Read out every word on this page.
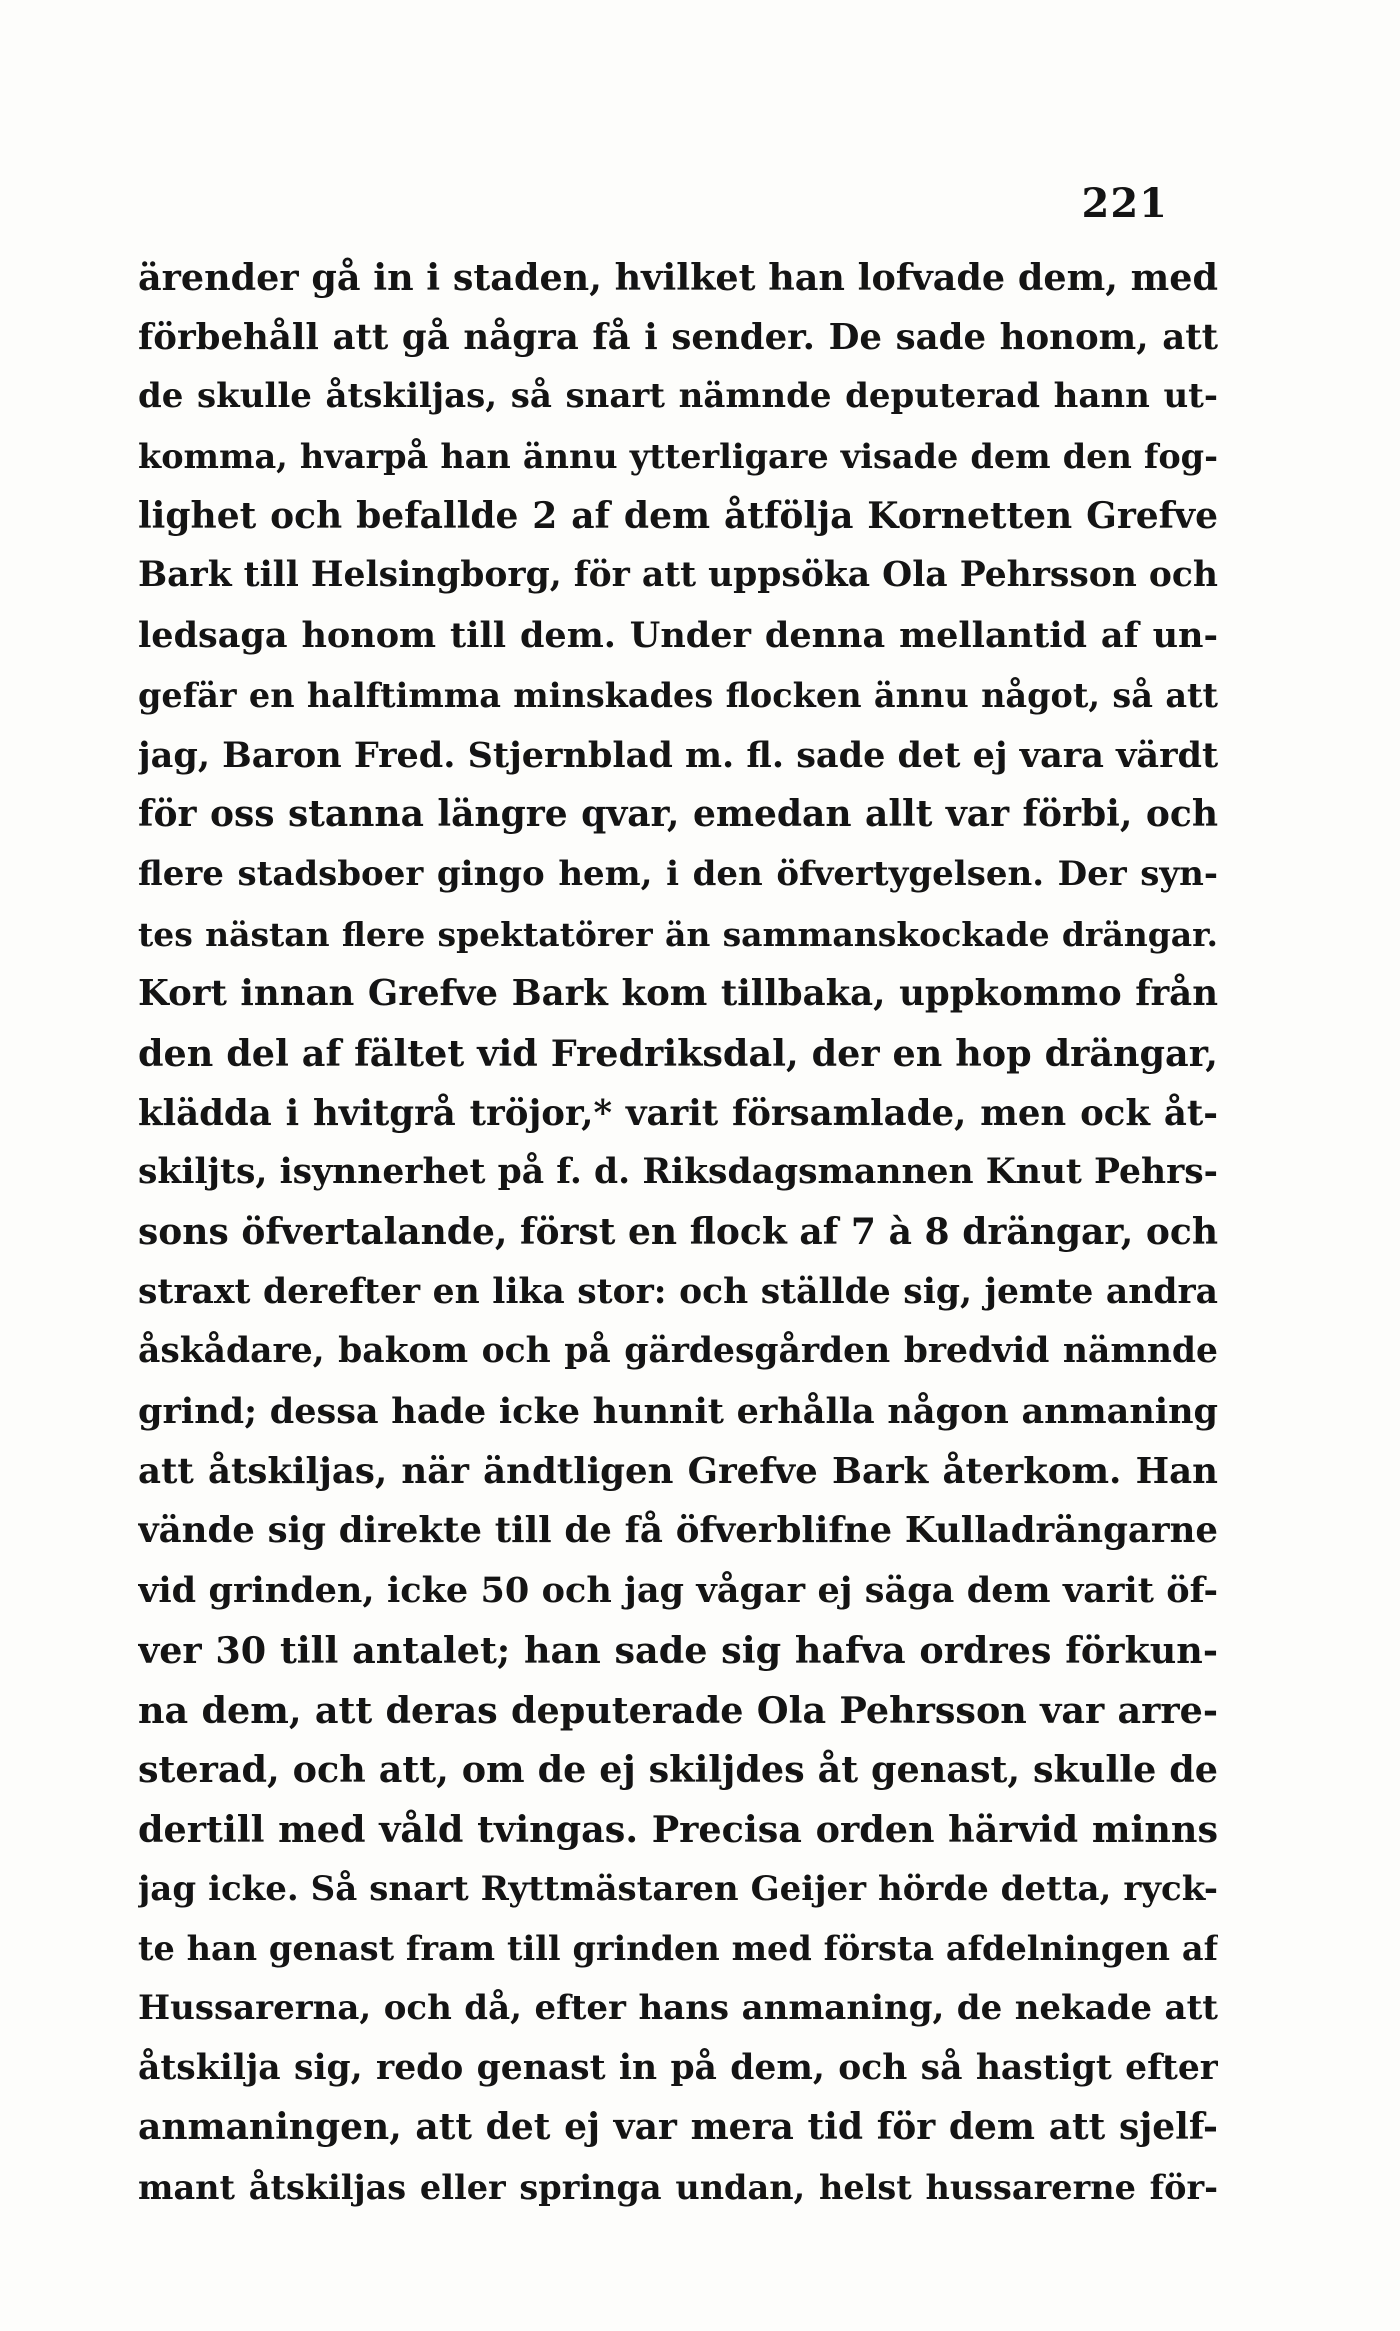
221
ärender gå in i staden, hvilket han lofvade dem, med
förbehåll att gå några få i sender. De sade honom, att
de skulle åtskiljas, så snart nämnde deputerad hann ut-
komma, hvarpå han ännu ytterligare visade dem den fog-
lighet och befallde 2 af dem åtfölja Kornetten Grefve
Bark till Helsingborg, för att uppsöka Ola Pehrsson och
ledsaga honom till dem. Under denna mellantid af un-
gefär en halftimma minskades flocken ännu något, så att
jag, Baron Fred. Stjernblad m. fl. sade det ej vara värdt
för oss stanna längre qvar, emedan allt var förbi, och
flere stadsboer gingo hem, i den öfvertygelsen. Der syn-
tes nästan flere spektatörer än sammanskockade drängar.
Kort innan Grefve Bark kom tillbaka, uppkommo från
den del af fältet vid Fredriksdal, der en hop drängar,
klädda i hvitgrå tröjor,* varit församlade, men ock åt-
skiljts, isynnerhet på f. d. Riksdagsmannen Knut Pehrs-
sons öfvertalande, först en flock af 7 à 8 drängar, och
straxt derefter en lika stor: och ställde sig, jemte andra
åskådare, bakom och på gärdesgården bredvid nämnde
grind; dessa hade icke hunnit erhålla någon anmaning
att åtskiljas, när ändtligen Grefve Bark återkom. Han
vände sig direkte till de få öfverblifne Kulladrängarne
vid grinden, icke 50 och jag vågar ej säga dem varit öf-
ver 30 till antalet; han sade sig hafva ordres förkun-
na dem, att deras deputerade Ola Pehrsson var arre-
sterad, och att, om de ej skiljdes åt genast, skulle de
dertill med våld tvingas. Precisa orden härvid minns
jag icke. Så snart Ryttmästaren Geijer hörde detta, ryck-
te han genast fram till grinden med första afdelningen af
Hussarerna, och då, efter hans anmaning, de nekade att
åtskilja sig, redo genast in på dem, och så hastigt efter
anmaningen, att det ej var mera tid för dem att sjelf-
mant åtskiljas eller springa undan, helst hussarerne för-
